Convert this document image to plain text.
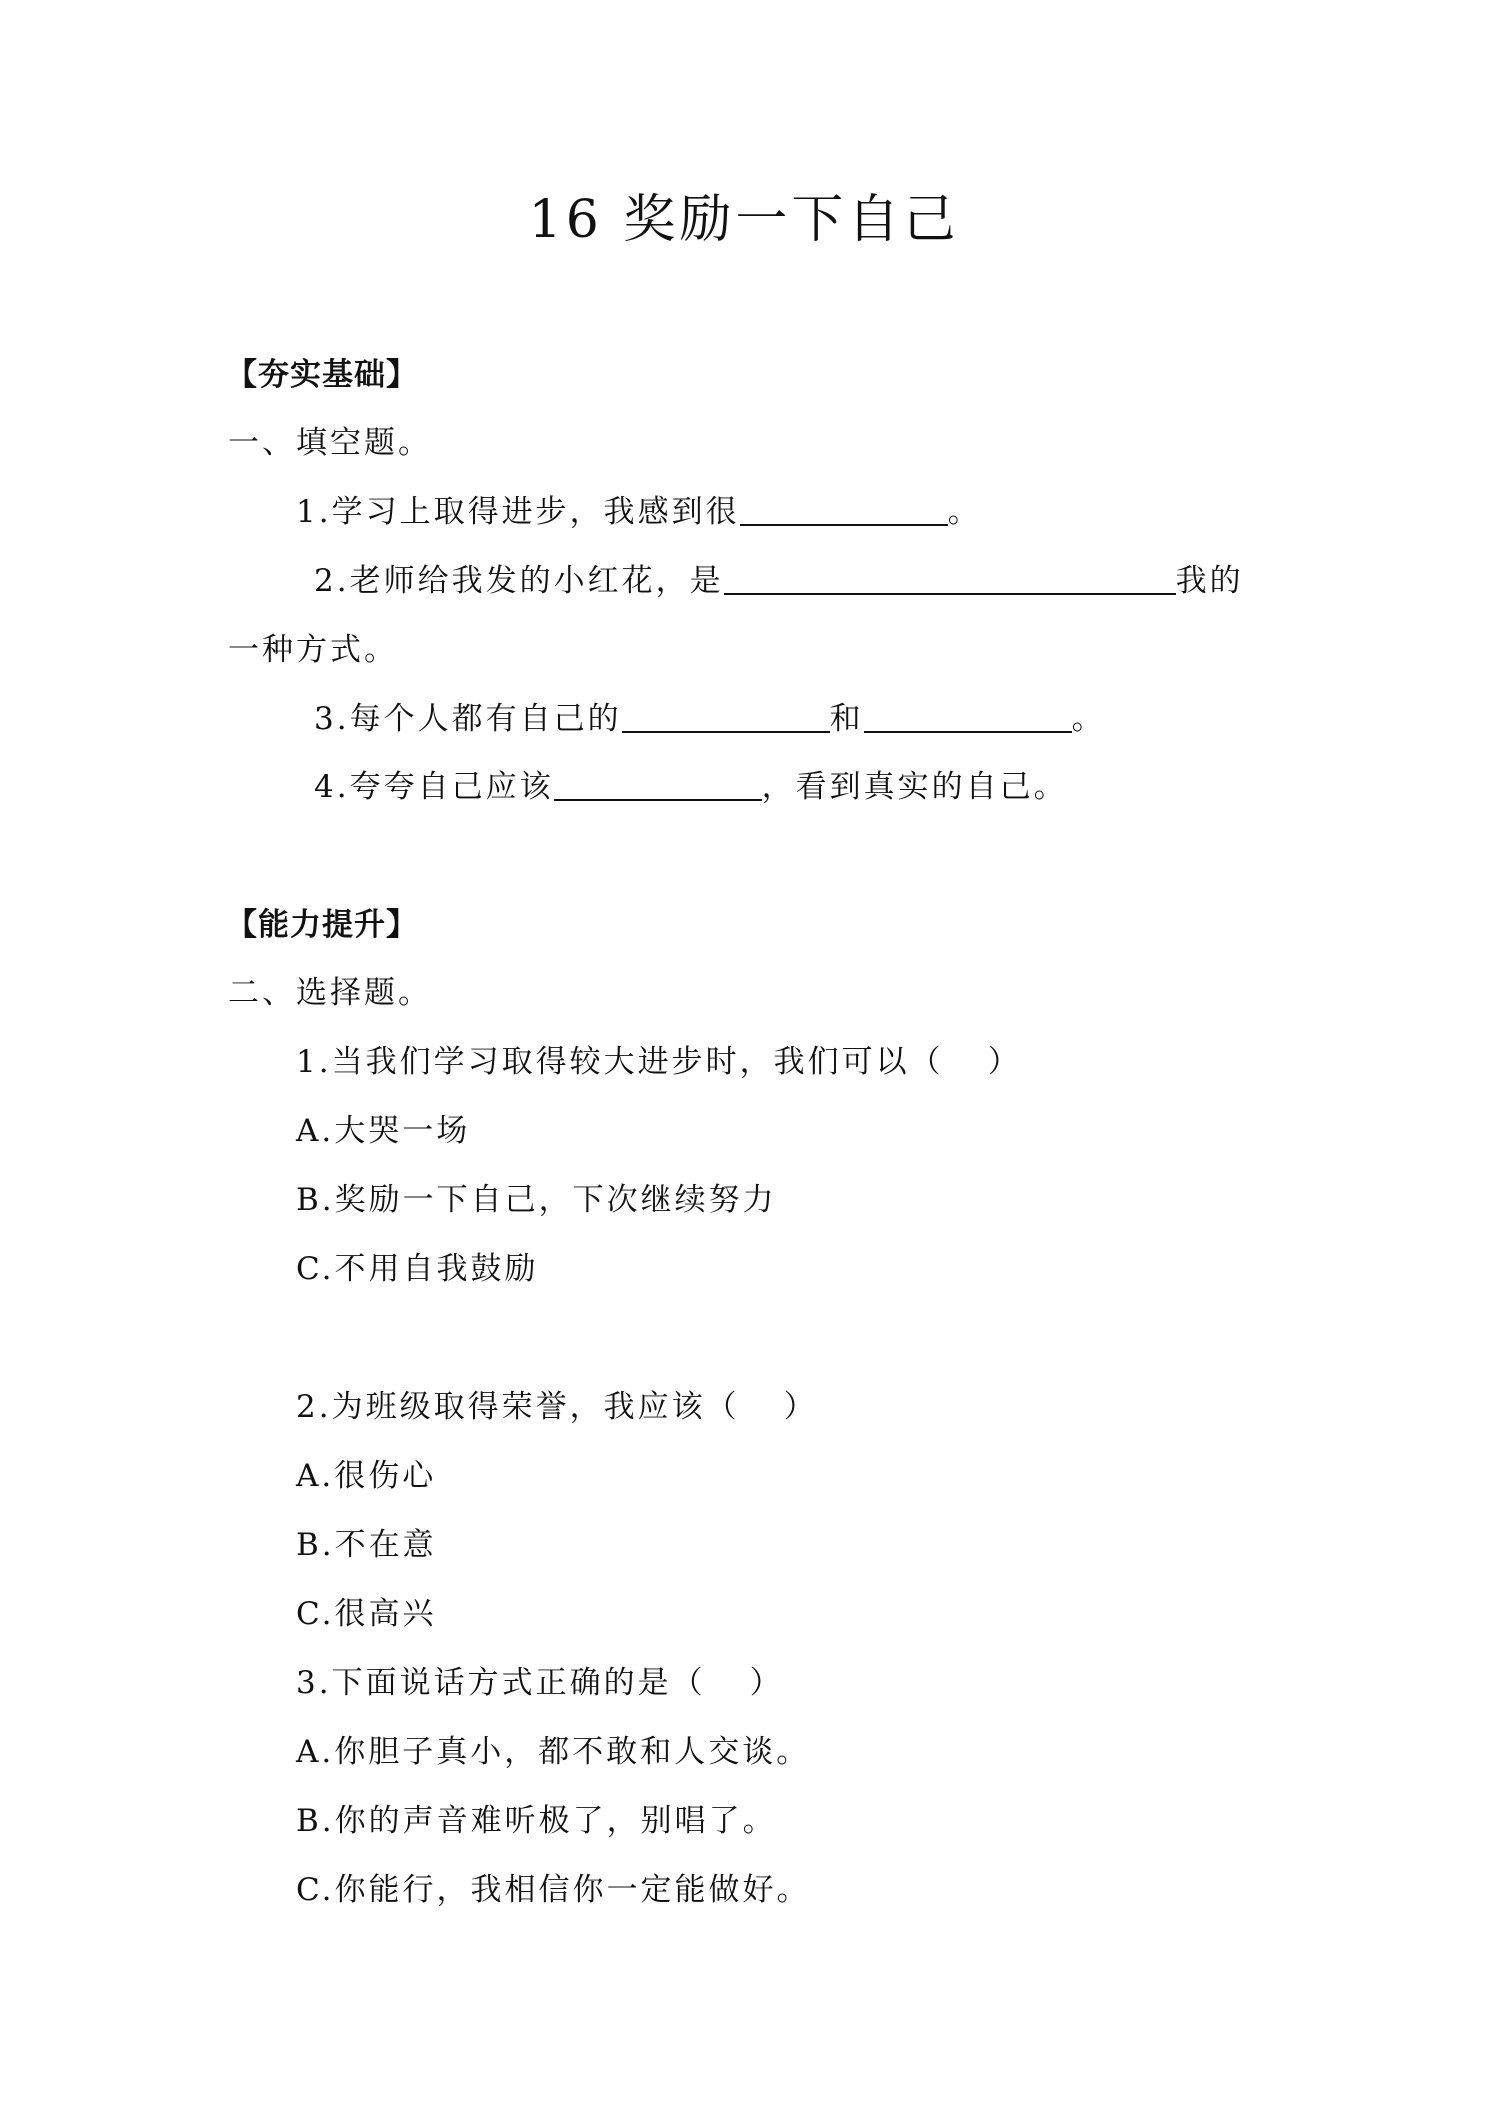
16 奖励一下自己
【夯实基础】
一、填空题。
1.学习上取得进步，我感到很	。
2.老师给我发的小红花，是	我的
一种方式。
3.每个人都有自己的	和	。
4.夸夸自己应该	，看到真实的自己。
【能力提升】
二、选择题。
1.当我们学习取得较大进步时，我们可以（ ）
A.大哭一场
B.奖励一下自己，下次继续努力
C.不用自我鼓励
2.为班级取得荣誉，我应该（ ）
A.很伤心
B.不在意
C.很高兴
3.下面说话方式正确的是（ ）
A.你胆子真小，都不敢和人交谈。
B.你的声音难听极了，别唱了。
C.你能行，我相信你一定能做好。
